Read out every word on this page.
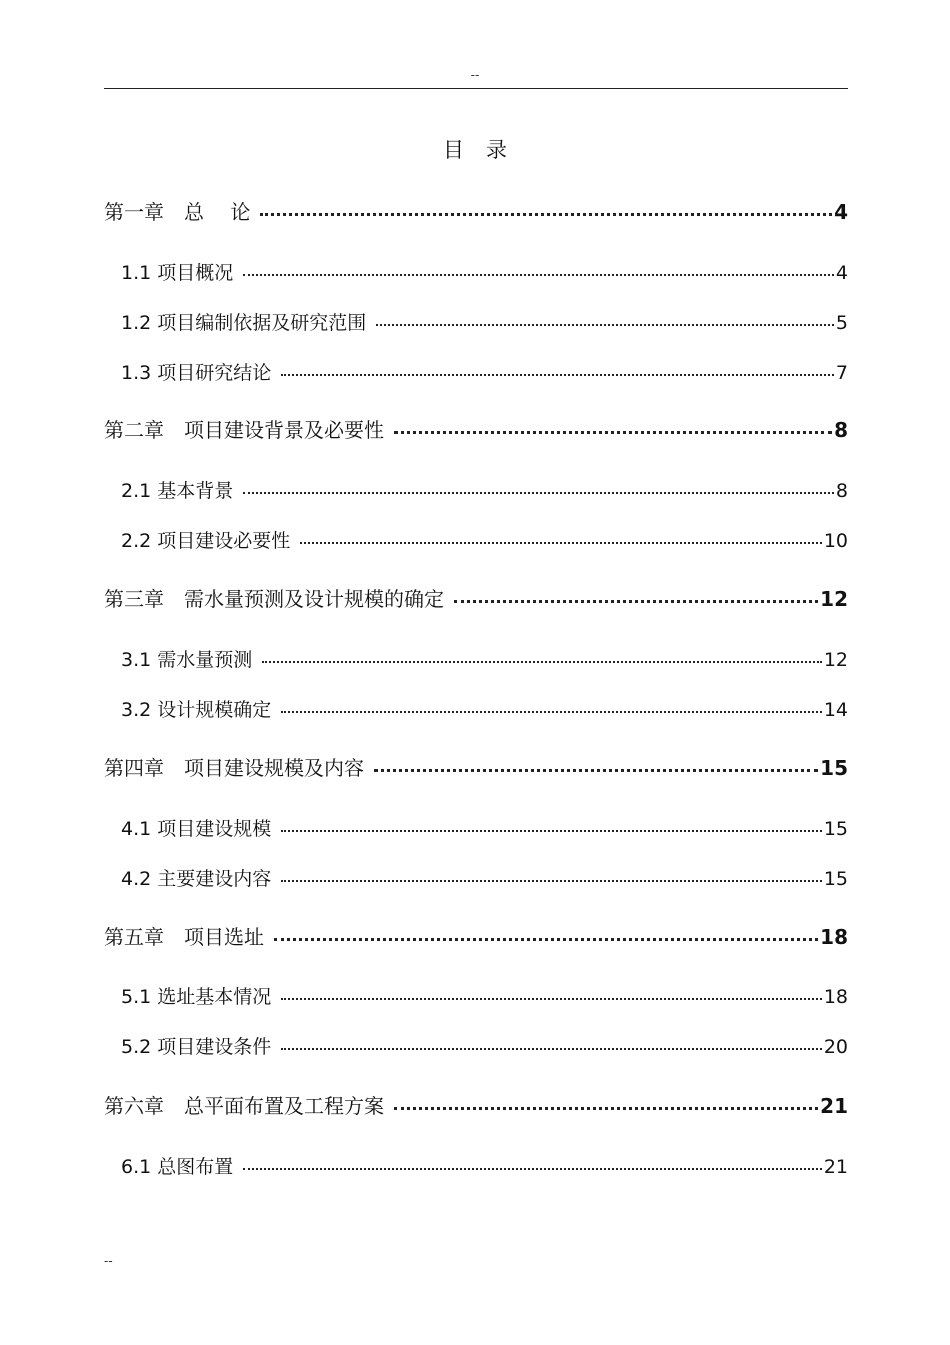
--
目录
第一章　总　 论	4
1.1 项目概况	4
1.2 项目编制依据及研究范围	5
1.3 项目研究结论	7
第二章　项目建设背景及必要性	8
2.1 基本背景	8
2.2 项目建设必要性	10
第三章　需水量预测及设计规模的确定	12
3.1 需水量预测	12
3.2 设计规模确定	14
第四章　项目建设规模及内容	15
4.1 项目建设规模	15
4.2 主要建设内容	15
第五章　项目选址	18
5.1 选址基本情况	18
5.2 项目建设条件	20
第六章　总平面布置及工程方案	21
6.1 总图布置	21
--
